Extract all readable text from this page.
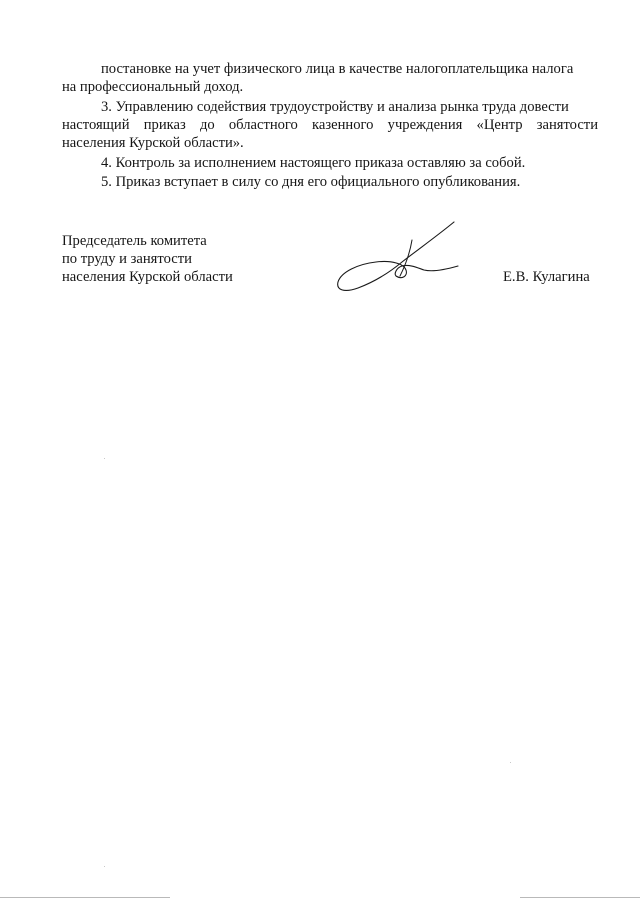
постановке на учет физического лица в качестве налогоплательщика налога
на профессиональный доход.
3. Управлению содействия трудоустройству и анализа рынка труда довести
настоящий приказ до областного казенного учреждения «Центр занятости
населения Курской области».
4. Контроль за исполнением настоящего приказа оставляю за собой.
5. Приказ вступает в силу со дня его официального опубликования.
Председатель комитета
по труду и занятости
населения Курской области	Е.В. Кулагина
